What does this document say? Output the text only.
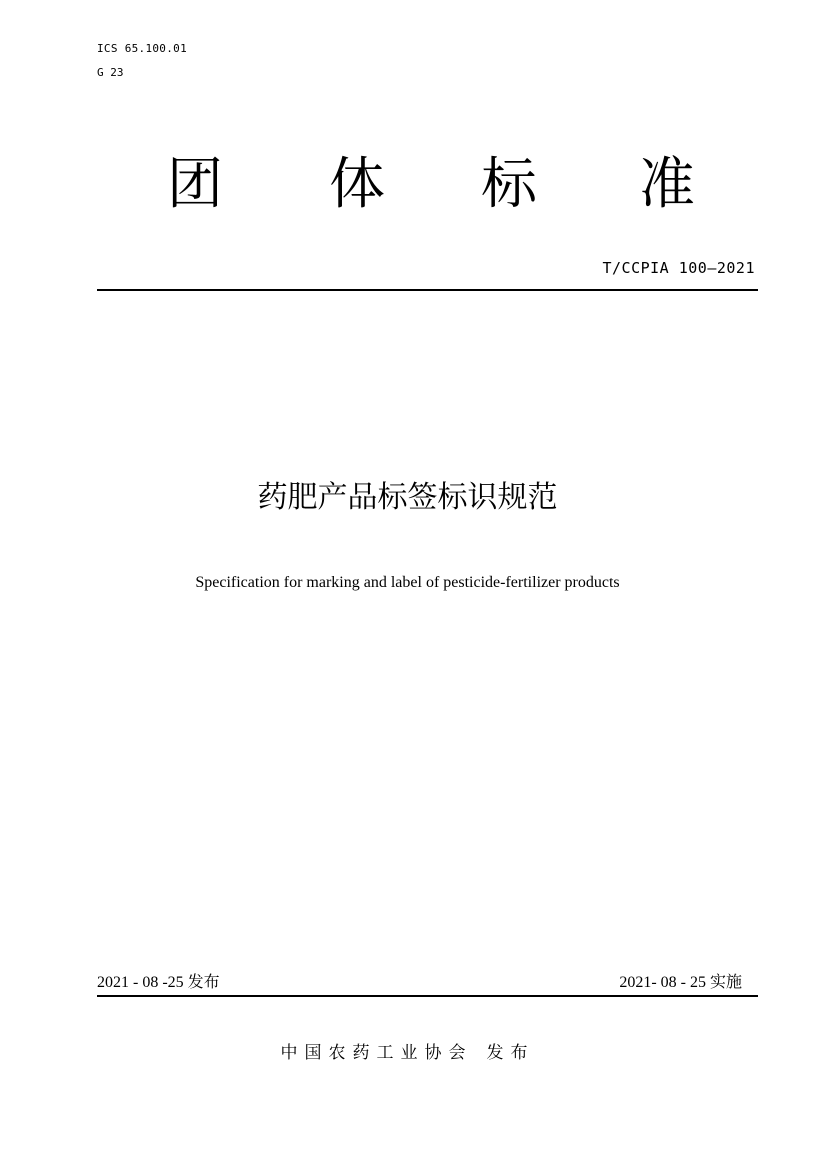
ICS 65.100.01
G 23
团 体 标 准
T/CCPIA 100—2021
药肥产品标签标识规范
Specification for marking and label of pesticide-fertilizer products
2021 - 08 -25 发布	2021- 08 - 25 实施
中国农药工业协会 发布
